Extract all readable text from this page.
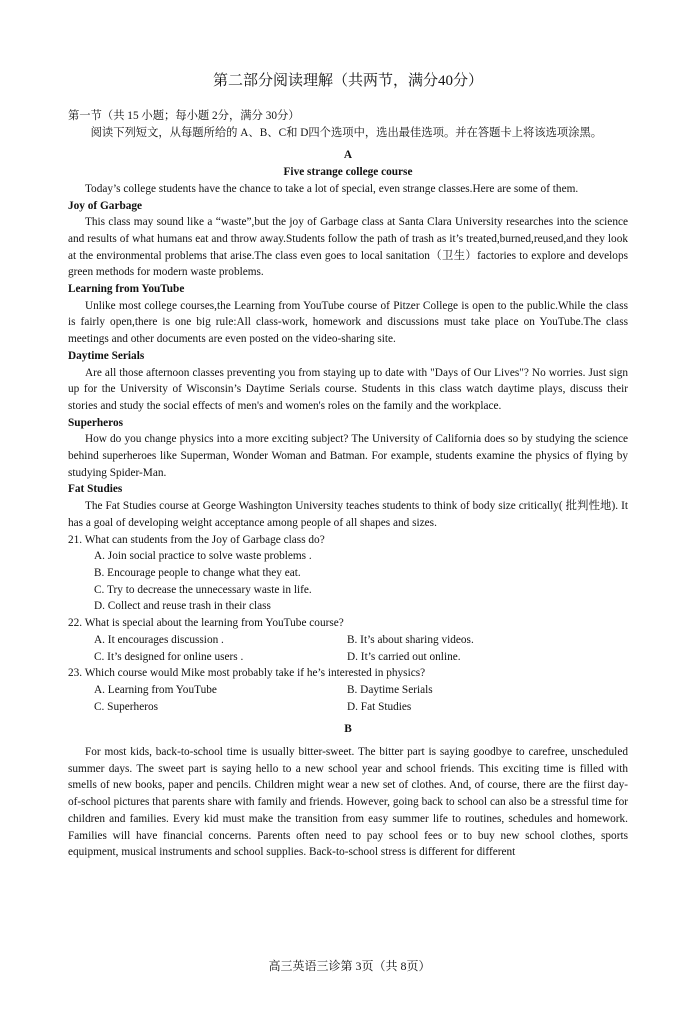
第二部分阅读理解（共两节，满分40分）

第一节（共 15 小题；每小题 2分，满分 30分）

阅读下列短文，从每题所给的 A、B、C和 D四个选项中，选出最佳选项。并在答题卡上将该选项涂黑。

A

Five strange college course

Today’s college students have the chance to take a lot of special, even strange classes.Here are some of them.

Joy of Garbage

This class may sound like a “waste”,but the joy of Garbage class at Santa Clara University researches into the science and results of what humans eat and throw away.Students follow the path of trash as it’s treated,burned,reused,and they look at the environmental problems that arise.The class even goes to local sanitation（卫生）factories to explore and develops green methods for modern waste problems.

Learning from YouTube

Unlike most college courses,the Learning from YouTube course of Pitzer College is open to the public.While the class is fairly open,there is one big rule:All class-work, homework and discussions must take place on YouTube.The class meetings and other documents are even posted on the video-sharing site.

Daytime Serials

Are all those afternoon classes preventing you from staying up to date with "Days of Our Lives"? No worries. Just sign up for the University of Wisconsin’s Daytime Serials course. Students in this class watch daytime plays, discuss their stories and study the social effects of men's and women's roles on the family and the workplace.

Superheros

How do you change physics into a more exciting subject? The University of California does so by studying the science behind superheroes like Superman, Wonder Woman and Batman. For example, students examine the physics of flying by studying Spider-Man.

Fat Studies

The Fat Studies course at George Washington University teaches students to think of body size critically( 批判性地). It has a goal of developing weight acceptance among people of all shapes and sizes.

21. What can students from the Joy of Garbage class do?

A. Join social practice to solve waste problems .

B. Encourage people to change what they eat.

C. Try to decrease the unnecessary waste in life.

D. Collect and reuse trash in their class

22. What is special about the learning from YouTube course?

A. It encourages discussion .	B. It’s about sharing videos.
C. It’s designed for online users .	D. It’s carried out online.

23. Which course would Mike most probably take if he’s interested in physics?

A. Learning from YouTube	B. Daytime Serials
C. Superheros	D. Fat Studies

B

For most kids, back-to-school time is usually bitter-sweet. The bitter part is saying goodbye to carefree, unscheduled summer days. The sweet part is saying hello to a new school year and school friends. This exciting time is filled with smells of new books, paper and pencils. Children might wear a new set of clothes. And, of course, there are the fiirst day-of-school pictures that parents share with family and friends. However, going back to school can also be a stressful time for children and families. Every kid must make the transition from easy summer life to routines, schedules and homework. Families will have financial concerns. Parents often need to pay school fees or to buy new school clothes, sports equipment, musical instruments and school supplies. Back-to-school stress is different for different

高三英语三诊第 3页（共 8页）
